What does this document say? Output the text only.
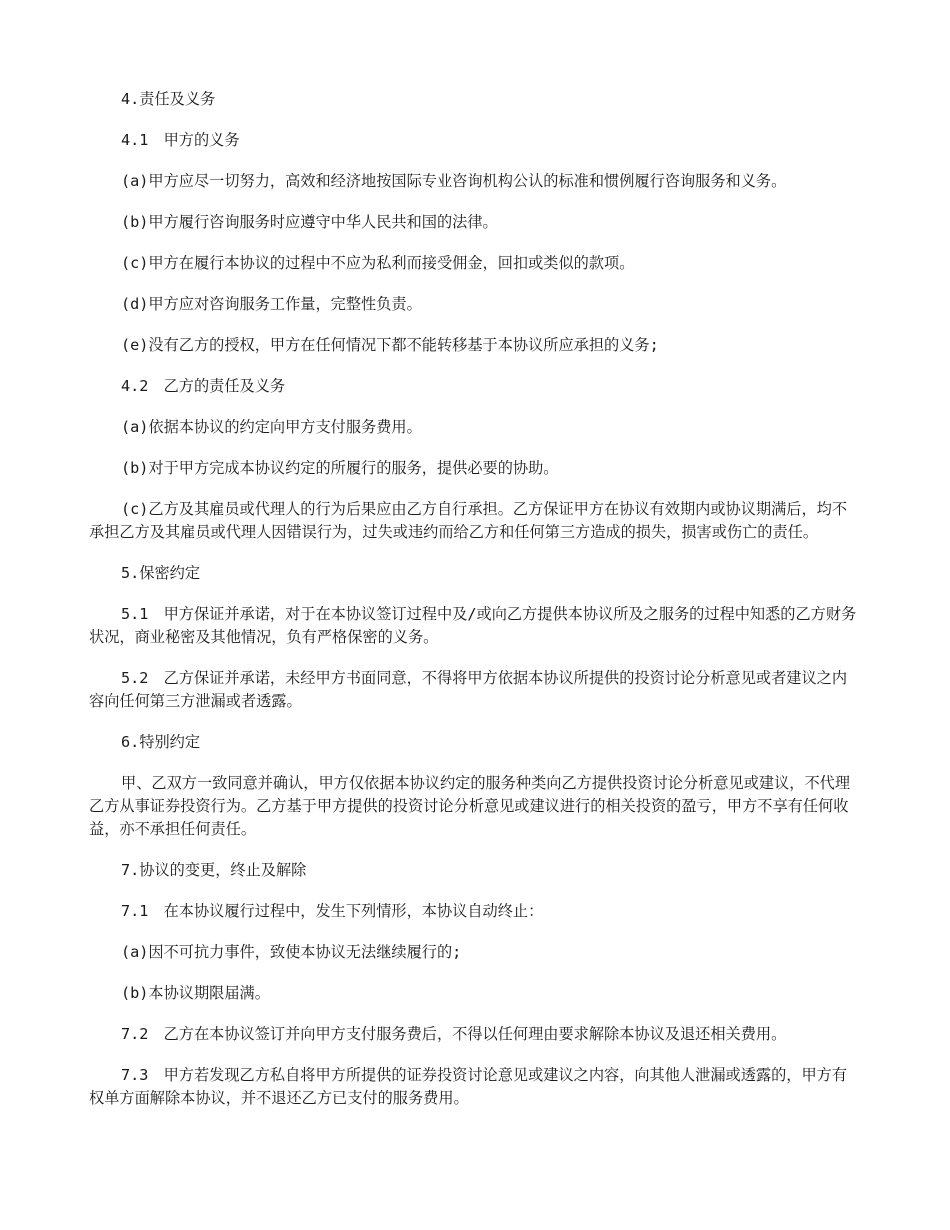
4.责任及义务

4.1　甲方的义务

(a)甲方应尽一切努力，高效和经济地按国际专业咨询机构公认的标准和惯例履行咨询服务和义务。

(b)甲方履行咨询服务时应遵守中华人民共和国的法律。

(c)甲方在履行本协议的过程中不应为私利而接受佣金，回扣或类似的款项。

(d)甲方应对咨询服务工作量，完整性负责。

(e)没有乙方的授权，甲方在任何情况下都不能转移基于本协议所应承担的义务;

4.2　乙方的责任及义务

(a)依据本协议的约定向甲方支付服务费用。

(b)对于甲方完成本协议约定的所履行的服务，提供必要的协助。

(c)乙方及其雇员或代理人的行为后果应由乙方自行承担。乙方保证甲方在协议有效期内或协议期满后，均不承担乙方及其雇员或代理人因错误行为，过失或违约而给乙方和任何第三方造成的损失，损害或伤亡的责任。

5.保密约定

5.1　甲方保证并承诺，对于在本协议签订过程中及/或向乙方提供本协议所及之服务的过程中知悉的乙方财务状况，商业秘密及其他情况，负有严格保密的义务。

5.2　乙方保证并承诺，未经甲方书面同意，不得将甲方依据本协议所提供的投资讨论分析意见或者建议之内容向任何第三方泄漏或者透露。

6.特别约定

甲、乙双方一致同意并确认，甲方仅依据本协议约定的服务种类向乙方提供投资讨论分析意见或建议，不代理乙方从事证券投资行为。乙方基于甲方提供的投资讨论分析意见或建议进行的相关投资的盈亏，甲方不享有任何收益，亦不承担任何责任。

7.协议的变更，终止及解除

7.1　在本协议履行过程中，发生下列情形，本协议自动终止：

(a)因不可抗力事件，致使本协议无法继续履行的;

(b)本协议期限届满。

7.2　乙方在本协议签订并向甲方支付服务费后，不得以任何理由要求解除本协议及退还相关费用。

7.3　甲方若发现乙方私自将甲方所提供的证券投资讨论意见或建议之内容，向其他人泄漏或透露的，甲方有权单方面解除本协议，并不退还乙方已支付的服务费用。
